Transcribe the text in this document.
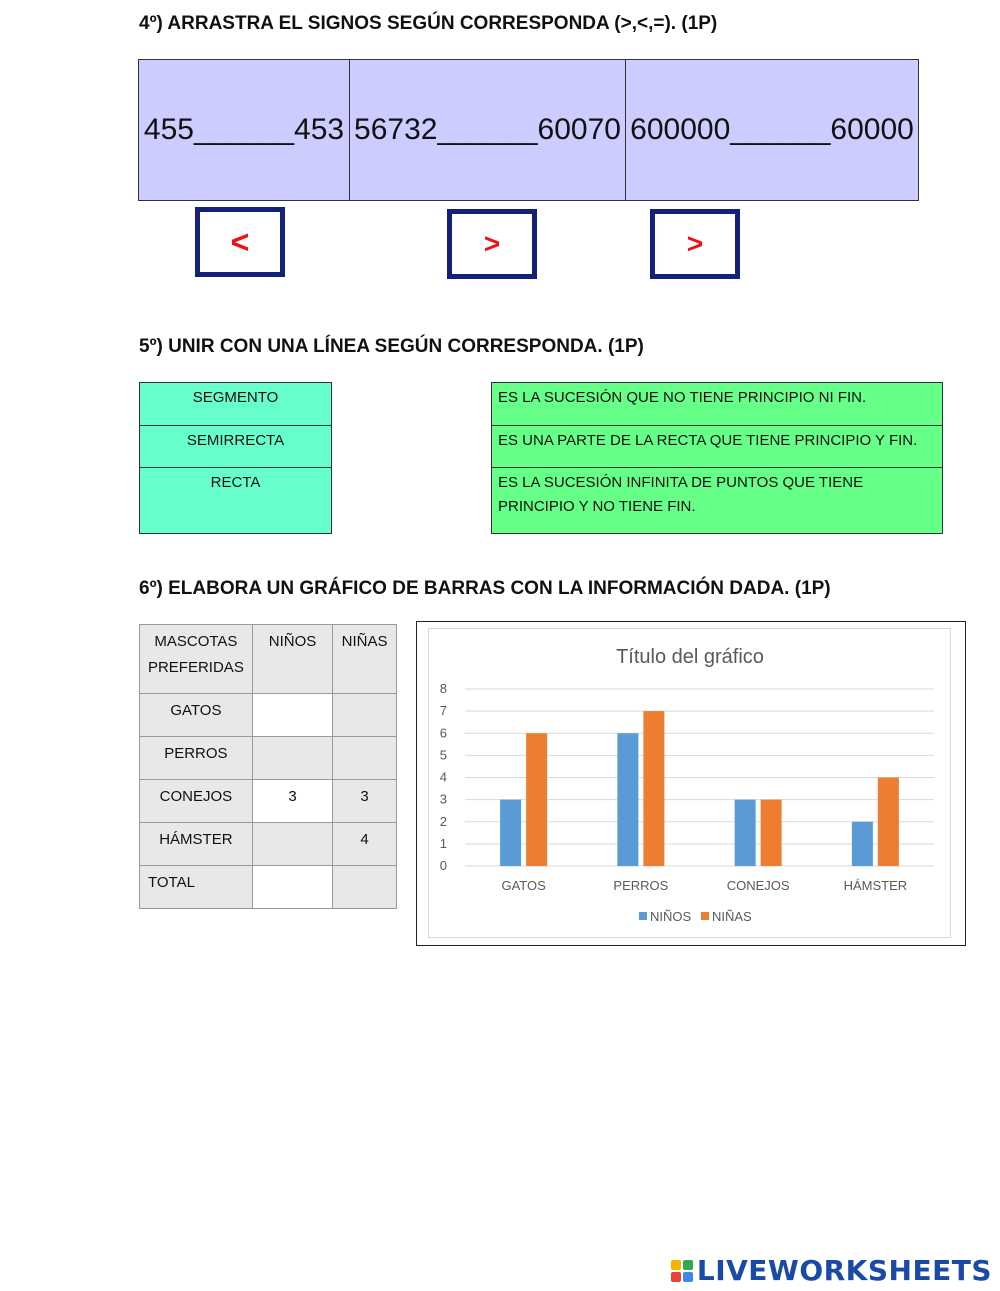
4º) ARRASTRA EL SIGNOS SEGÚN CORRESPONDA (>,<,=). (1P)
455______453 56732______60070 600000______60000
<	>	>
5º) UNIR CON UNA LÍNEA SEGÚN CORRESPONDA. (1P)
SEGMENTO
SEMIRRECTA
RECTA
ES LA SUCESIÓN QUE NO TIENE PRINCIPIO NI FIN.
ES UNA PARTE DE LA RECTA QUE TIENE PRINCIPIO Y FIN.
ES LA SUCESIÓN INFINITA DE PUNTOS QUE TIENE PRINCIPIO Y NO TIENE FIN.
6º) ELABORA UN GRÁFICO DE BARRAS CON LA INFORMACIÓN DADA. (1P)
MASCOTAS PREFERIDAS	NIÑOS	NIÑAS
GATOS		
PERROS		
CONEJOS	3	3
HÁMSTER		4
TOTAL		
Título del gráfico
0
1
2
3
4
5
6
7
8
GATOS	PERROS	CONEJOS	HÁMSTER
NIÑOS NIÑAS
LIVEWORKSHEETS
